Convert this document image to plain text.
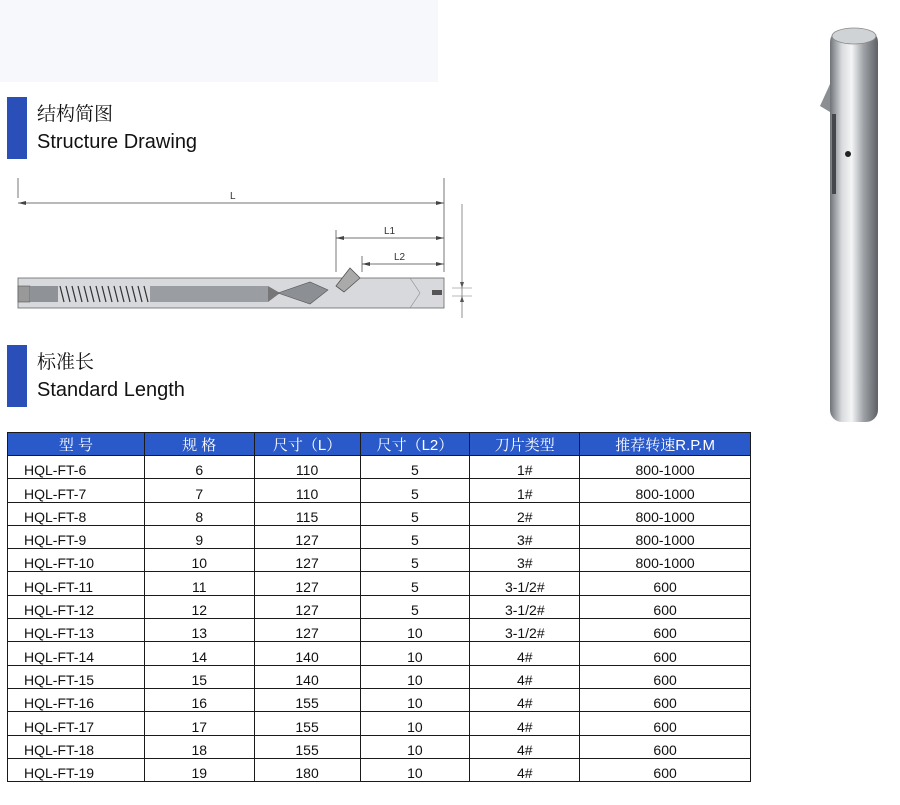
结构简图
Structure Drawing
L
L1
L2
标准长
Standard Length
型 号	规 格	尺寸（L）	尺寸（L2）	刀片类型	推荐转速R.P.M
HQL-FT-6	6	110	5	1#	800-1000
HQL-FT-7	7	110	5	1#	800-1000
HQL-FT-8	8	115	5	2#	800-1000
HQL-FT-9	9	127	5	3#	800-1000
HQL-FT-10	10	127	5	3#	800-1000
HQL-FT-11	11	127	5	3-1/2#	600
HQL-FT-12	12	127	5	3-1/2#	600
HQL-FT-13	13	127	10	3-1/2#	600
HQL-FT-14	14	140	10	4#	600
HQL-FT-15	15	140	10	4#	600
HQL-FT-16	16	155	10	4#	600
HQL-FT-17	17	155	10	4#	600
HQL-FT-18	18	155	10	4#	600
HQL-FT-19	19	180	10	4#	600
